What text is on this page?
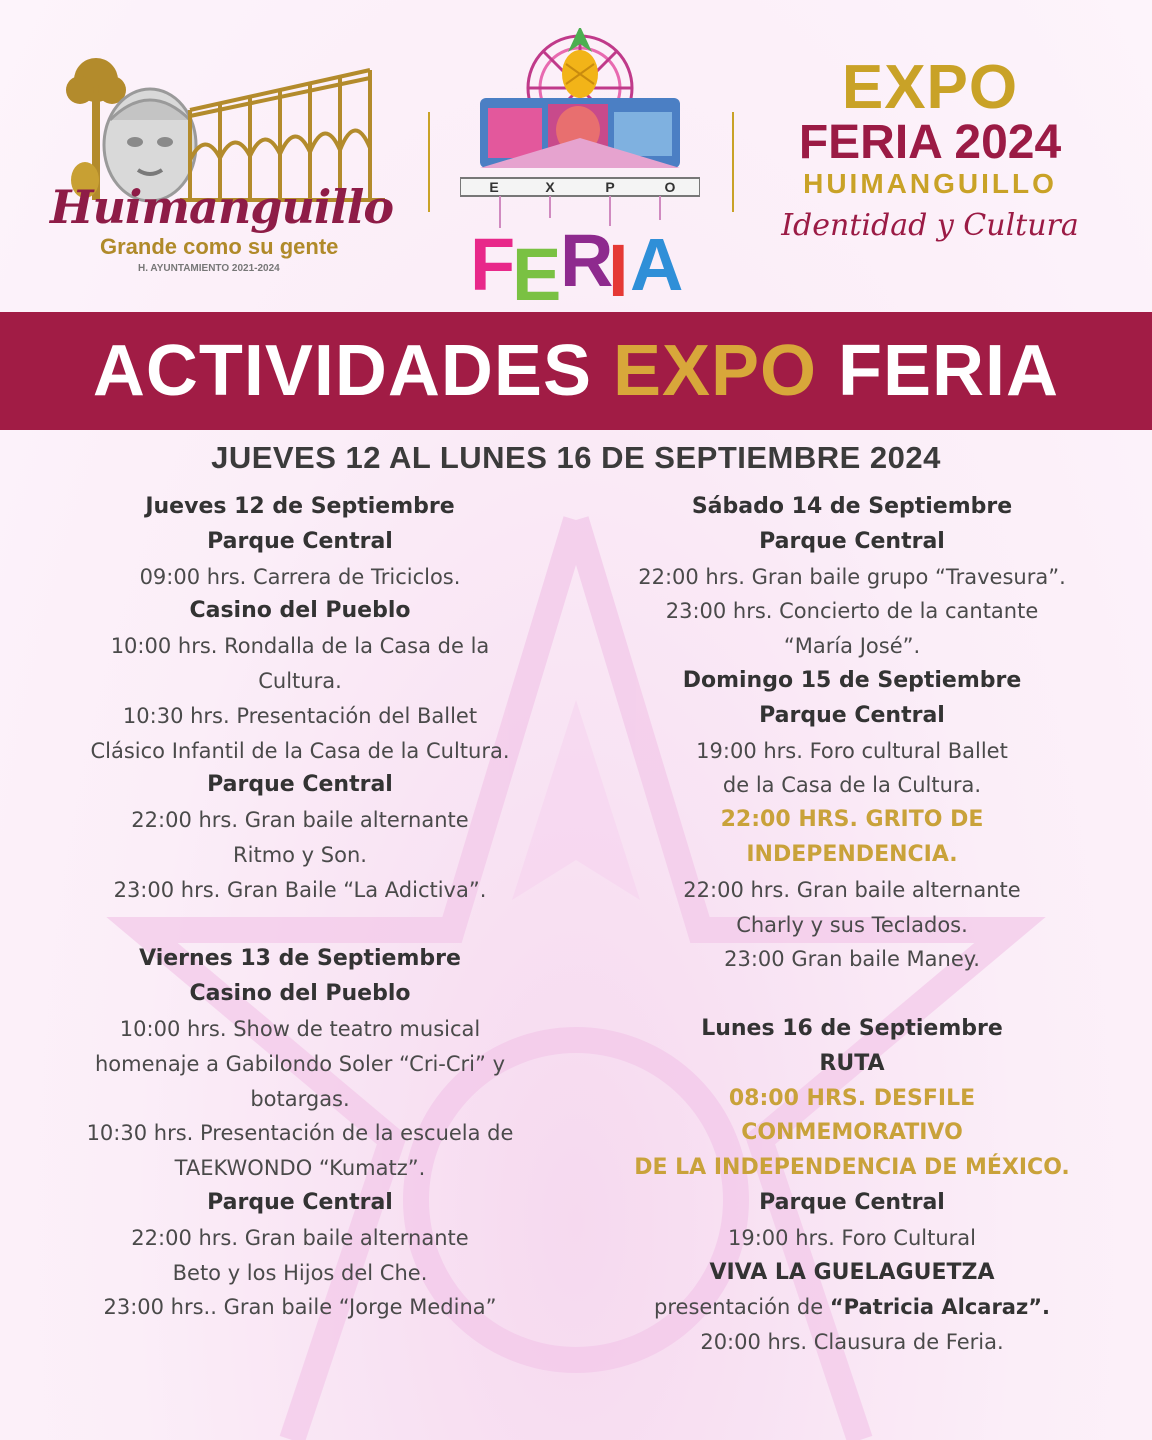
Huimanguillo
Grande como su gente
H. AYUNTAMIENTO 2021-2024
E	X	P	O
F
E
R
I A
EXPO
FERIA 2024
HUIMANGUILLO
Identidad y Cultura
ACTIVIDADES EXPO FERIA
JUEVES 12 AL LUNES 16 DE SEPTIEMBRE 2024
Jueves 12 de Septiembre
Parque Central
09:00 hrs. Carrera de Triciclos.
Casino del Pueblo
10:00 hrs. Rondalla de la Casa de la
Cultura.
10:30 hrs. Presentación del Ballet
Clásico Infantil de la Casa de la Cultura.
Parque Central
22:00 hrs. Gran baile alternante
Ritmo y Son.
23:00 hrs. Gran Baile “La Adictiva”.
Viernes 13 de Septiembre
Casino del Pueblo
10:00 hrs. Show de teatro musical
homenaje a Gabilondo Soler “Cri-Cri” y
botargas.
10:30 hrs. Presentación de la escuela de
TAEKWONDO “Kumatz”.
Parque Central
22:00 hrs. Gran baile alternante
Beto y los Hijos del Che.
23:00 hrs.. Gran baile “Jorge Medina”
Sábado 14 de Septiembre
Parque Central
22:00 hrs. Gran baile grupo “Travesura”.
23:00 hrs. Concierto de la cantante
“María José”.
Domingo 15 de Septiembre
Parque Central
19:00 hrs. Foro cultural Ballet
de la Casa de la Cultura.
22:00 HRS. GRITO DE
INDEPENDENCIA.
22:00 hrs. Gran baile alternante
Charly y sus Teclados.
23:00 Gran baile Maney.
Lunes 16 de Septiembre
RUTA
08:00 HRS. DESFILE
CONMEMORATIVO
DE LA INDEPENDENCIA DE MÉXICO.
Parque Central
19:00 hrs. Foro Cultural
VIVA LA GUELAGUETZA
presentación de “Patricia Alcaraz”.
20:00 hrs. Clausura de Feria.
